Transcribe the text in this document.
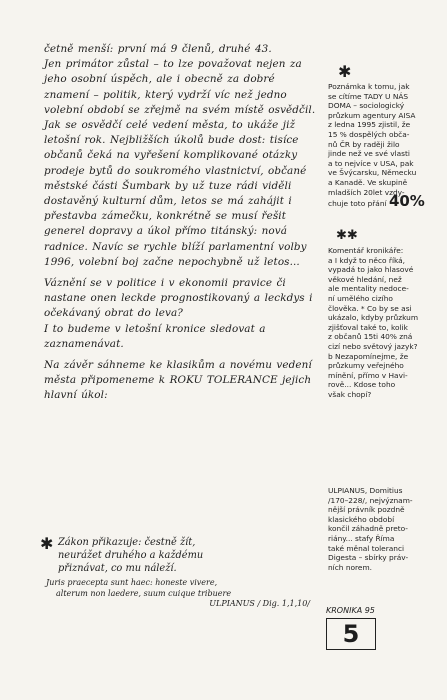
četně menší: první má 9 členů, druhé 43.

Jen primátor zůstal – to lze považovat nejen za jeho osobní úspěch, ale i obecně za dobré znamení – politik, který vydrží víc než jedno volební období se zřejmě na svém místě osvědčil. Jak se osvědčí celé vedení města, to ukáže již letošní rok. Nejbližších úkolů bude dost: tisíce občanů čeká na vyřešení komplikované otázky prodeje bytů do soukromého vlastnictví, občané městské části Šumbark by už tuze rádi viděli dostavěný kulturní dům, letos se má zahájit i přestavba zámečku, konkrétně se musí řešit generel dopravy a úkol přímo titánský: nová radnice. Navíc se rychle blíží parlamentní volby 1996, volební boj začne nepochybně už letos...

Váznění se v politice i v ekonomii pravice či nastane onen leckde prognostikovaný a leckdys i očekávaný obrat do leva?

I to budeme v letošní kronice sledovat a zaznamenávat.

Na závěr sáhneme ke klasikům a novému vedení města připomeneme k ROKU TOLERANCE jejich hlavní úkol:

✱ Zákon přikazuje: čestně žít,

neurážet druhého a každému

přiznávat, co mu náleží.

Juris praecepta sunt haec: honeste vivere,

alterum non laedere, suum cuique tribuere

ULPIANUS / Dig. 1,1,10/

✱

Poznámka k tomu, jak

se cítíme TADY U NÁS

DOMA – sociologický

průzkum agentury AISA

z ledna 1995 zjistil, že

15 % dospělých obča-

nů ČR by raději žilo

jinde než ve své vlasti

a to nejvíce v USA, pak

ve Švýcarsku, Německu

a Kanadě. Ve skupině

mladších 20let vzdy-

chuje toto přání 40%

✱✱

Komentář kronikáře:

a I když to něco říká,

vypadá to jako hlasové

věkové hledání, než

ale mentality nedoce-

ní umělého cizího

člověka. * Co by se asi

ukázalo, kdyby průzkum

zjišťoval také to, kolik

z občanů 15ti 40% zná

cizí nebo světový jazyk?

b Nezapomínejme, že

průzkumy veřejného

mínění, přímo v Havi-

rově... Kdose toho

však chopí?

ULPIANUS, Domitius

/170–228/, nejvýznam-

nější právník pozdně

klasického období

končil záhadně preto-

riány... stafy Říma

také měnal toleranci

Digesta – sbírky práv-

ních norem.

KRONIKA 95
5
